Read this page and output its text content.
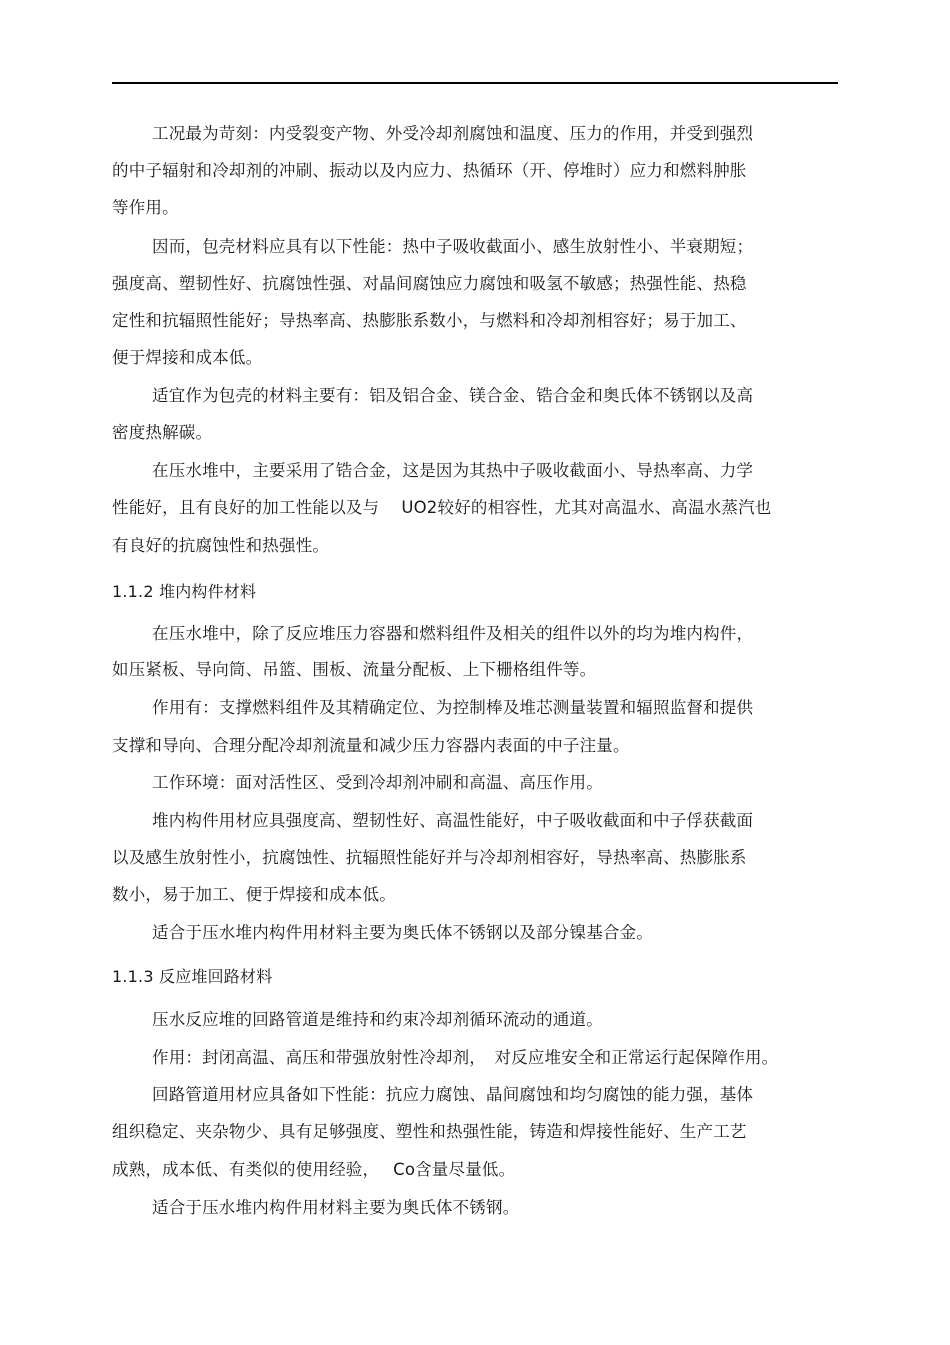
工况最为苛刻：内受裂变产物、外受冷却剂腐蚀和温度、压力的作用，并受到强烈
的中子辐射和冷却剂的冲刷、振动以及内应力、热循环（开、停堆时）应力和燃料肿胀
等作用。
因而，包壳材料应具有以下性能：热中子吸收截面小、感生放射性小、半衰期短；
强度高、塑韧性好、抗腐蚀性强、对晶间腐蚀应力腐蚀和吸氢不敏感；热强性能、热稳
定性和抗辐照性能好；导热率高、热膨胀系数小，与燃料和冷却剂相容好；易于加工、
便于焊接和成本低。
适宜作为包壳的材料主要有：铝及铝合金、镁合金、锆合金和奥氏体不锈钢以及高
密度热解碳。
在压水堆中，主要采用了锆合金，这是因为其热中子吸收截面小、导热率高、力学
性能好，且有良好的加工性能以及与　 UO2较好的相容性，尤其对高温水、高温水蒸汽也
有良好的抗腐蚀性和热强性。
1.1.2 堆内构件材料
在压水堆中，除了反应堆压力容器和燃料组件及相关的组件以外的均为堆内构件，
如压紧板、导向筒、吊篮、围板、流量分配板、上下栅格组件等。
作用有：支撑燃料组件及其精确定位、为控制棒及堆芯测量装置和辐照监督和提供
支撑和导向、合理分配冷却剂流量和减少压力容器内表面的中子注量。
工作环境：面对活性区、受到冷却剂冲刷和高温、高压作用。
堆内构件用材应具强度高、塑韧性好、高温性能好，中子吸收截面和中子俘获截面
以及感生放射性小，抗腐蚀性、抗辐照性能好并与冷却剂相容好，导热率高、热膨胀系
数小，易于加工、便于焊接和成本低。
适合于压水堆内构件用材料主要为奥氏体不锈钢以及部分镍基合金。
1.1.3 反应堆回路材料
压水反应堆的回路管道是维持和约束冷却剂循环流动的通道。
作用：封闭高温、高压和带强放射性冷却剂，　对反应堆安全和正常运行起保障作用。
回路管道用材应具备如下性能：抗应力腐蚀、晶间腐蚀和均匀腐蚀的能力强，基体
组织稳定、夹杂物少、具有足够强度、塑性和热强性能，铸造和焊接性能好、生产工艺
成熟，成本低、有类似的使用经验，　 Co含量尽量低。
适合于压水堆内构件用材料主要为奥氏体不锈钢。
